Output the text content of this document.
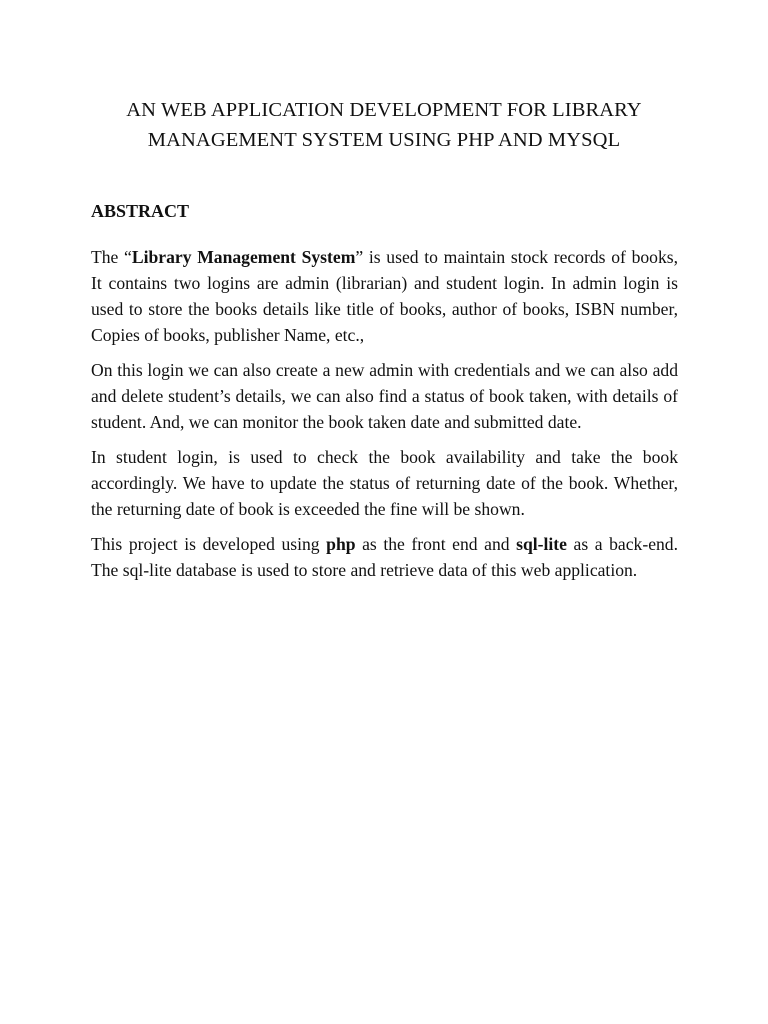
AN WEB APPLICATION DEVELOPMENT FOR LIBRARY
MANAGEMENT SYSTEM USING PHP AND MYSQL
ABSTRACT

The “Library Management System” is used to maintain stock records of books, It contains two logins are admin (librarian) and student login. In admin login is used to store the books details like title of books, author of books, ISBN number, Copies of books, publisher Name, etc.,

On this login we can also create a new admin with credentials and we can also add and delete student’s details, we can also find a status of book taken, with details of student. And, we can monitor the book taken date and submitted date.

In student login, is used to check the book availability and take the book accordingly. We have to update the status of returning date of the book. Whether, the returning date of book is exceeded the fine will be shown.

This project is developed using php as the front end and sql-lite as a back-end. The sql-lite database is used to store and retrieve data of this web application.
